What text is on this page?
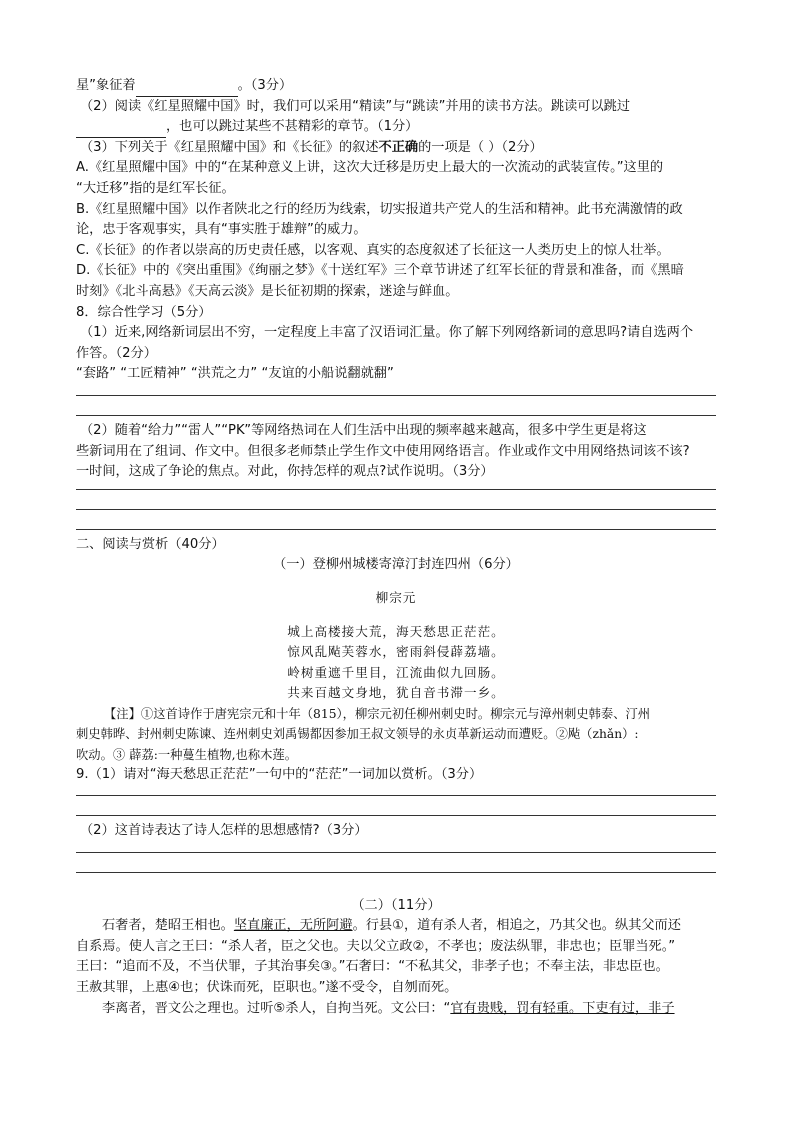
星”象征着	。（3分）

（2）阅读《红星照耀中国》时，我们可以采用“精读”与“跳读”并用的读书方法。跳读可以跳过

，也可以跳过某些不甚精彩的章节。（1分）

（3）下列关于《红星照耀中国》和《长征》的叙述不正确的一项是（ ）（2分）

A.《红星照耀中国》中的“在某种意义上讲，这次大迁移是历史上最大的一次流动的武装宣传。”这里的

“大迁移”指的是红军长征。

B.《红星照耀中国》以作者陕北之行的经历为线索，切实报道共产党人的生活和精神。此书充满激情的政

论，忠于客观事实，具有“事实胜于雄辩”的威力。

C.《长征》的作者以崇高的历史责任感，以客观、真实的态度叙述了长征这一人类历史上的惊人壮举。

D.《长征》中的《突出重围》《绚丽之梦》《十送红军》三个章节讲述了红军长征的背景和准备，而《黑暗

时刻》《北斗高悬》《天高云淡》是长征初期的探索，迷途与鲜血。

8．综合性学习（5分）

（1）近来,网络新词层出不穷，一定程度上丰富了汉语词汇量。你了解下列网络新词的意思吗?请自选两个

作答。（2分）

“套路” “工匠精神” “洪荒之力” “友谊的小船说翻就翻”

（2）随着“给力”“雷人”“PK”等网络热词在人们生活中出现的频率越来越高，很多中学生更是将这

些新词用在了组词、作文中。但很多老师禁止学生作文中使用网络语言。作业或作文中用网络热词该不该?

一时间，这成了争论的焦点。对此，你持怎样的观点?试作说明。（3分）

二、阅读与赏析（40分）

（一）登柳州城楼寄漳汀封连四州（6分）

柳宗元

城上高楼接大荒，海天愁思正茫茫。

惊风乱飐芙蓉水，密雨斜侵薜荔墙。

岭树重遮千里目，江流曲似九回肠。

共来百越文身地，犹自音书滞一乡。

【注】①这首诗作于唐宪宗元和十年（815），柳宗元初任柳州刺史时。柳宗元与漳州刺史韩泰、汀州

刺史韩晔、封州刺史陈谏、连州刺史刘禹锡都因参加王叔文领导的永贞革新运动而遭贬。②飐（zhǎn）:

吹动。③ 薜荔:一种蔓生植物,也称木莲。

9.（1）请对“海天愁思正茫茫”一句中的“茫茫”一词加以赏析。（3分）

（2）这首诗表达了诗人怎样的思想感情?（3分）

（二）（11分）

石奢者，楚昭王相也。坚直廉正，无所阿避。行县①，道有杀人者，相追之，乃其父也。纵其父而还

自系焉。使人言之王曰：“杀人者，臣之父也。夫以父立政②，不孝也；废法纵罪，非忠也；臣罪当死。”

王曰：“追而不及，不当伏罪，子其治事矣③。”石奢曰：“不私其父，非孝子也；不奉主法，非忠臣也。

王赦其罪，上惠④也；伏诛而死，臣职也。”遂不受令，自刎而死。

李离者，晋文公之理也。过听⑤杀人，自拘当死。文公曰：“官有贵贱，罚有轻重。下吏有过，非子
